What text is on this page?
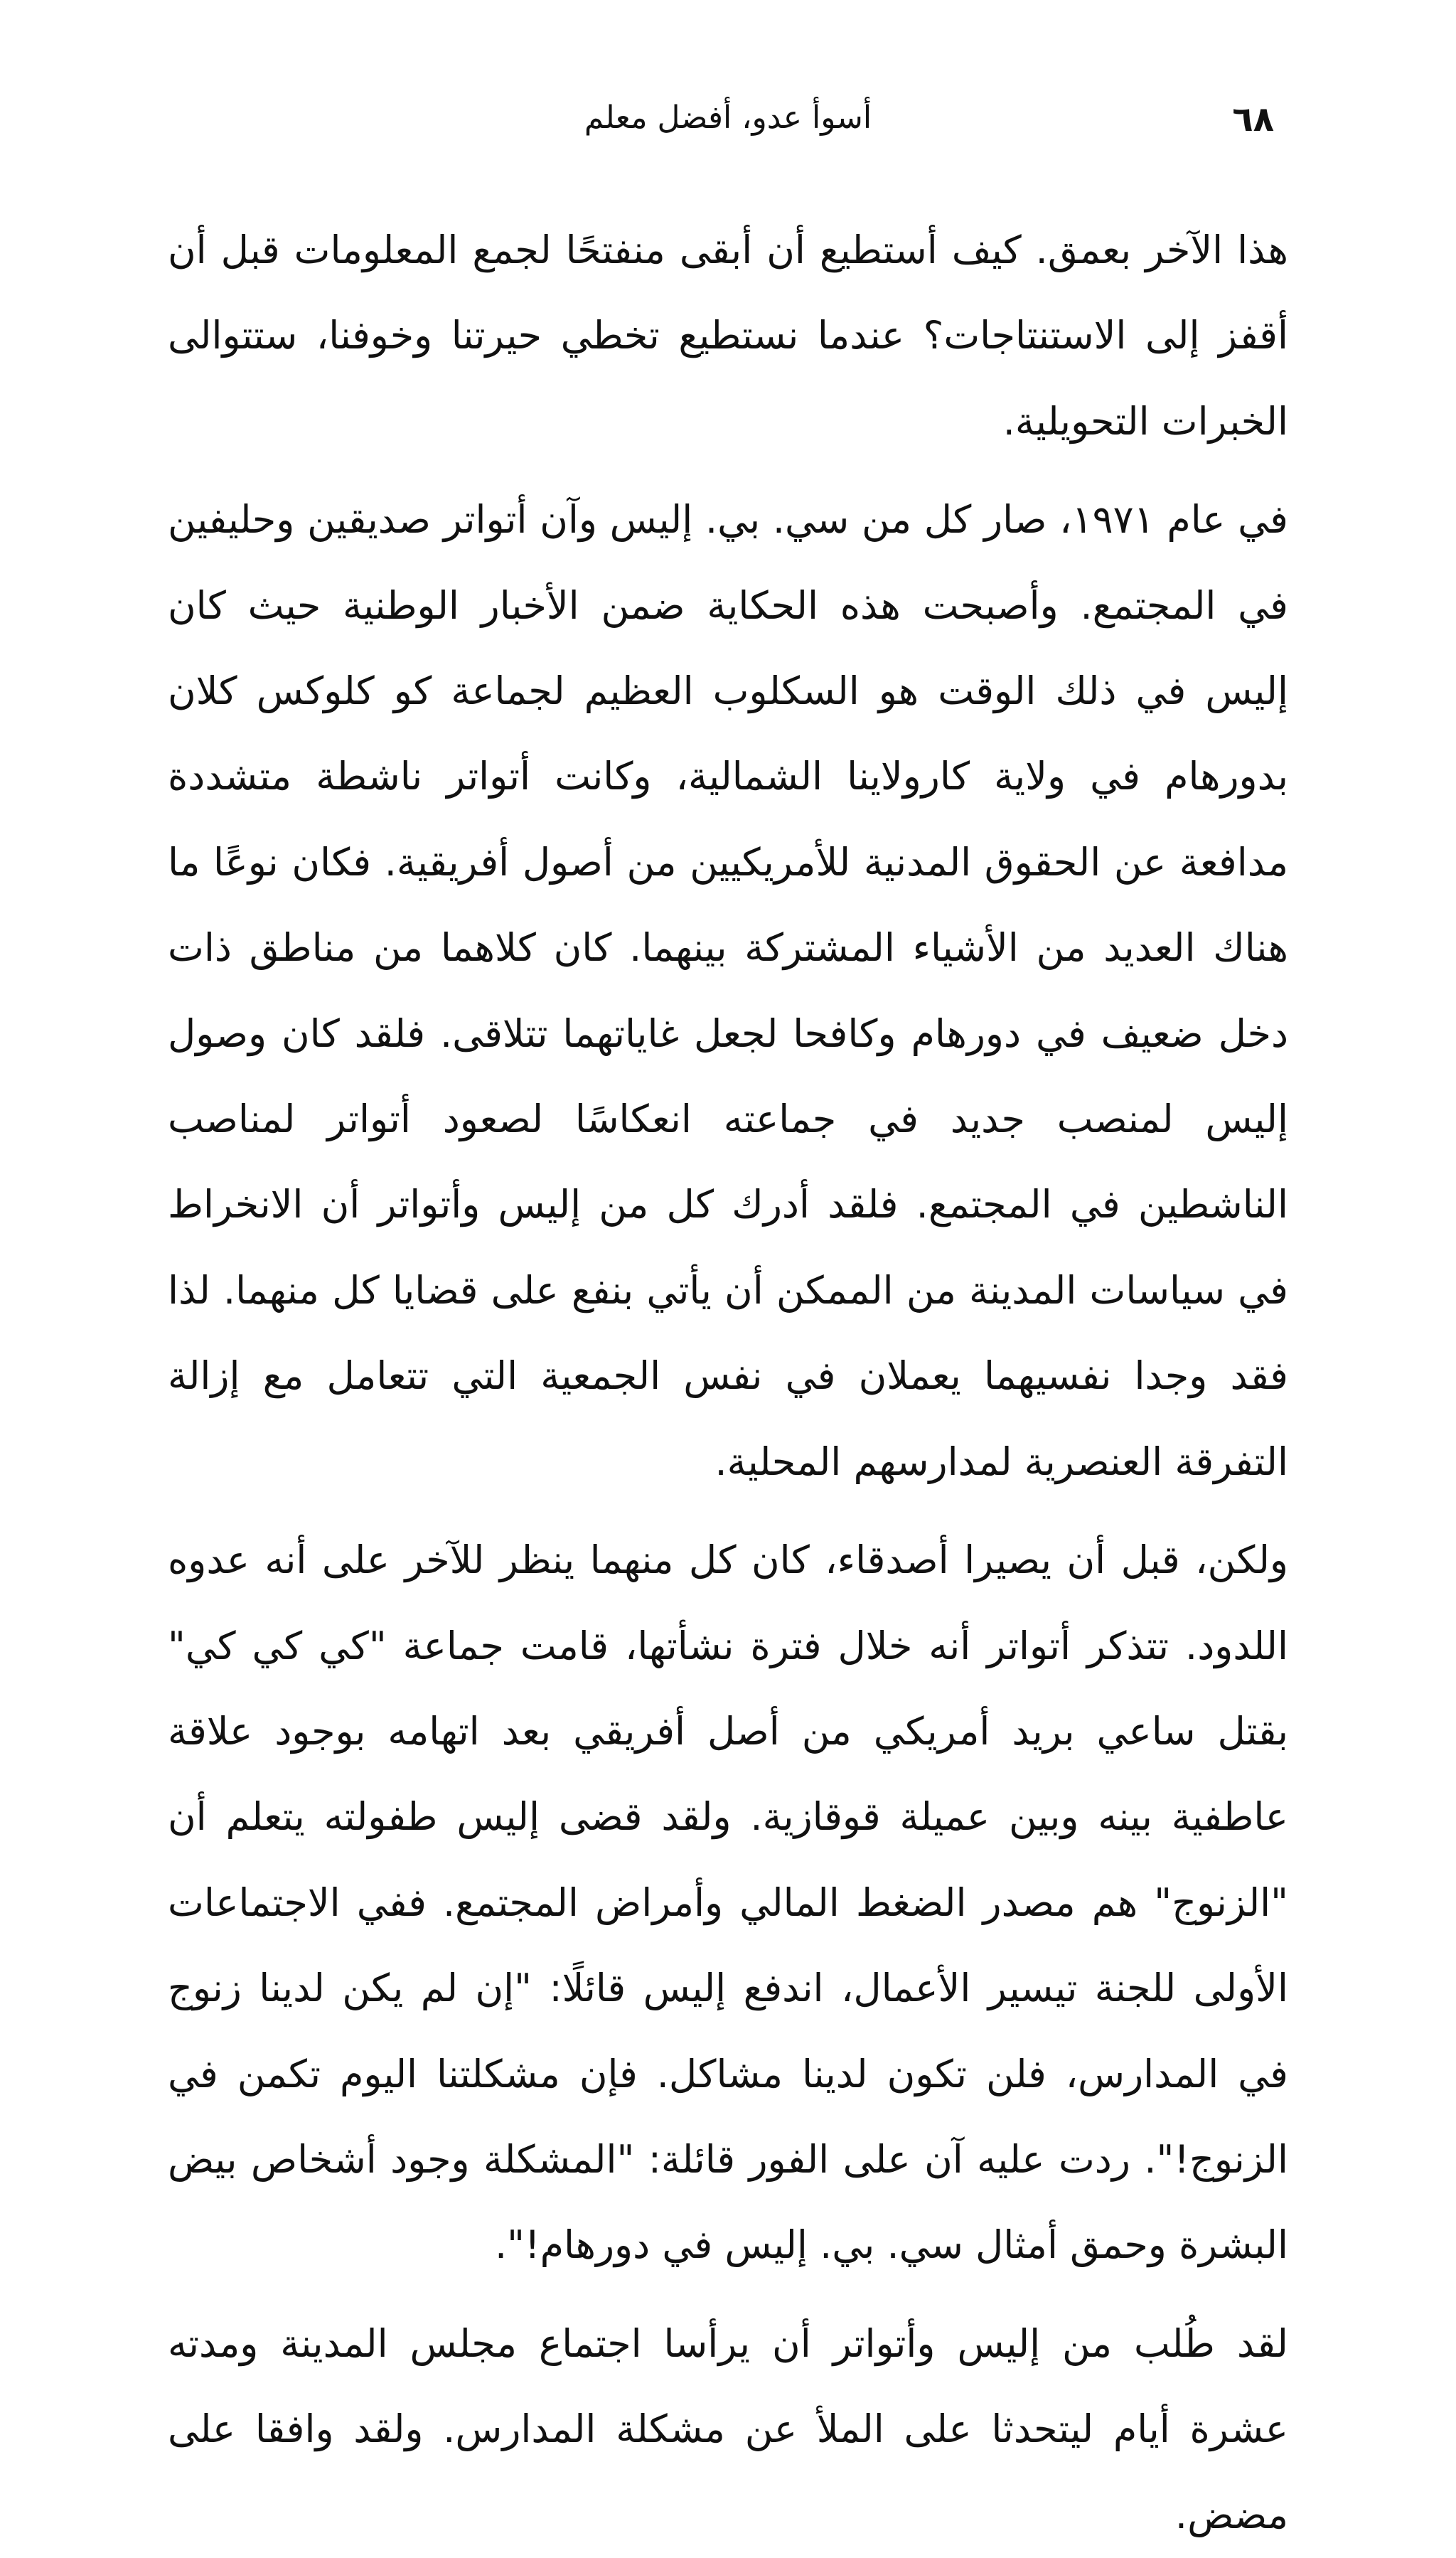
٦٨
أسوأ عدو، أفضل معلم

هذا الآخر بعمق. كيف أستطيع أن أبقى منفتحًا لجمع المعلومات قبل أن أقفز إلى الاستنتاجات؟ عندما نستطيع تخطي حيرتنا وخوفنا، ستتوالى الخبرات التحويلية.

في عام ١٩٧١، صار كل من سي. بي. إليس وآن أتواتر صديقين وحليفين في المجتمع. وأصبحت هذه الحكاية ضمن الأخبار الوطنية حيث كان إليس في ذلك الوقت هو السكلوب العظيم لجماعة كو كلوكس كلان بدورهام في ولاية كارولاينا الشمالية، وكانت أتواتر ناشطة متشددة مدافعة عن الحقوق المدنية للأمريكيين من أصول أفريقية. فكان نوعًا ما هناك العديد من الأشياء المشتركة بينهما. كان كلاهما من مناطق ذات دخل ضعيف في دورهام وكافحا لجعل غاياتهما تتلاقى. فلقد كان وصول إليس لمنصب جديد في جماعته انعكاسًا لصعود أتواتر لمناصب الناشطين في المجتمع. فلقد أدرك كل من إليس وأتواتر أن الانخراط في سياسات المدينة من الممكن أن يأتي بنفع على قضايا كل منهما. لذا فقد وجدا نفسيهما يعملان في نفس الجمعية التي تتعامل مع إزالة التفرقة العنصرية لمدارسهم المحلية.

ولكن، قبل أن يصيرا أصدقاء، كان كل منهما ينظر للآخر على أنه عدوه اللدود. تتذكر أتواتر أنه خلال فترة نشأتها، قامت جماعة "كي كي كي" بقتل ساعي بريد أمريكي من أصل أفريقي بعد اتهامه بوجود علاقة عاطفية بينه وبين عميلة قوقازية. ولقد قضى إليس طفولته يتعلم أن "الزنوج" هم مصدر الضغط المالي وأمراض المجتمع. ففي الاجتماعات الأولى للجنة تيسير الأعمال، اندفع إليس قائلًا: "إن لم يكن لدينا زنوج في المدارس، فلن تكون لدينا مشاكل. فإن مشكلتنا اليوم تكمن في الزنوج!". ردت عليه آن على الفور قائلة: "المشكلة وجود أشخاص بيض البشرة وحمق أمثال سي. بي. إليس في دورهام!".

لقد طُلب من إليس وأتواتر أن يرأسا اجتماع مجلس المدينة ومدته عشرة أيام ليتحدثا على الملأ عن مشكلة المدارس. ولقد وافقا على مضض.
